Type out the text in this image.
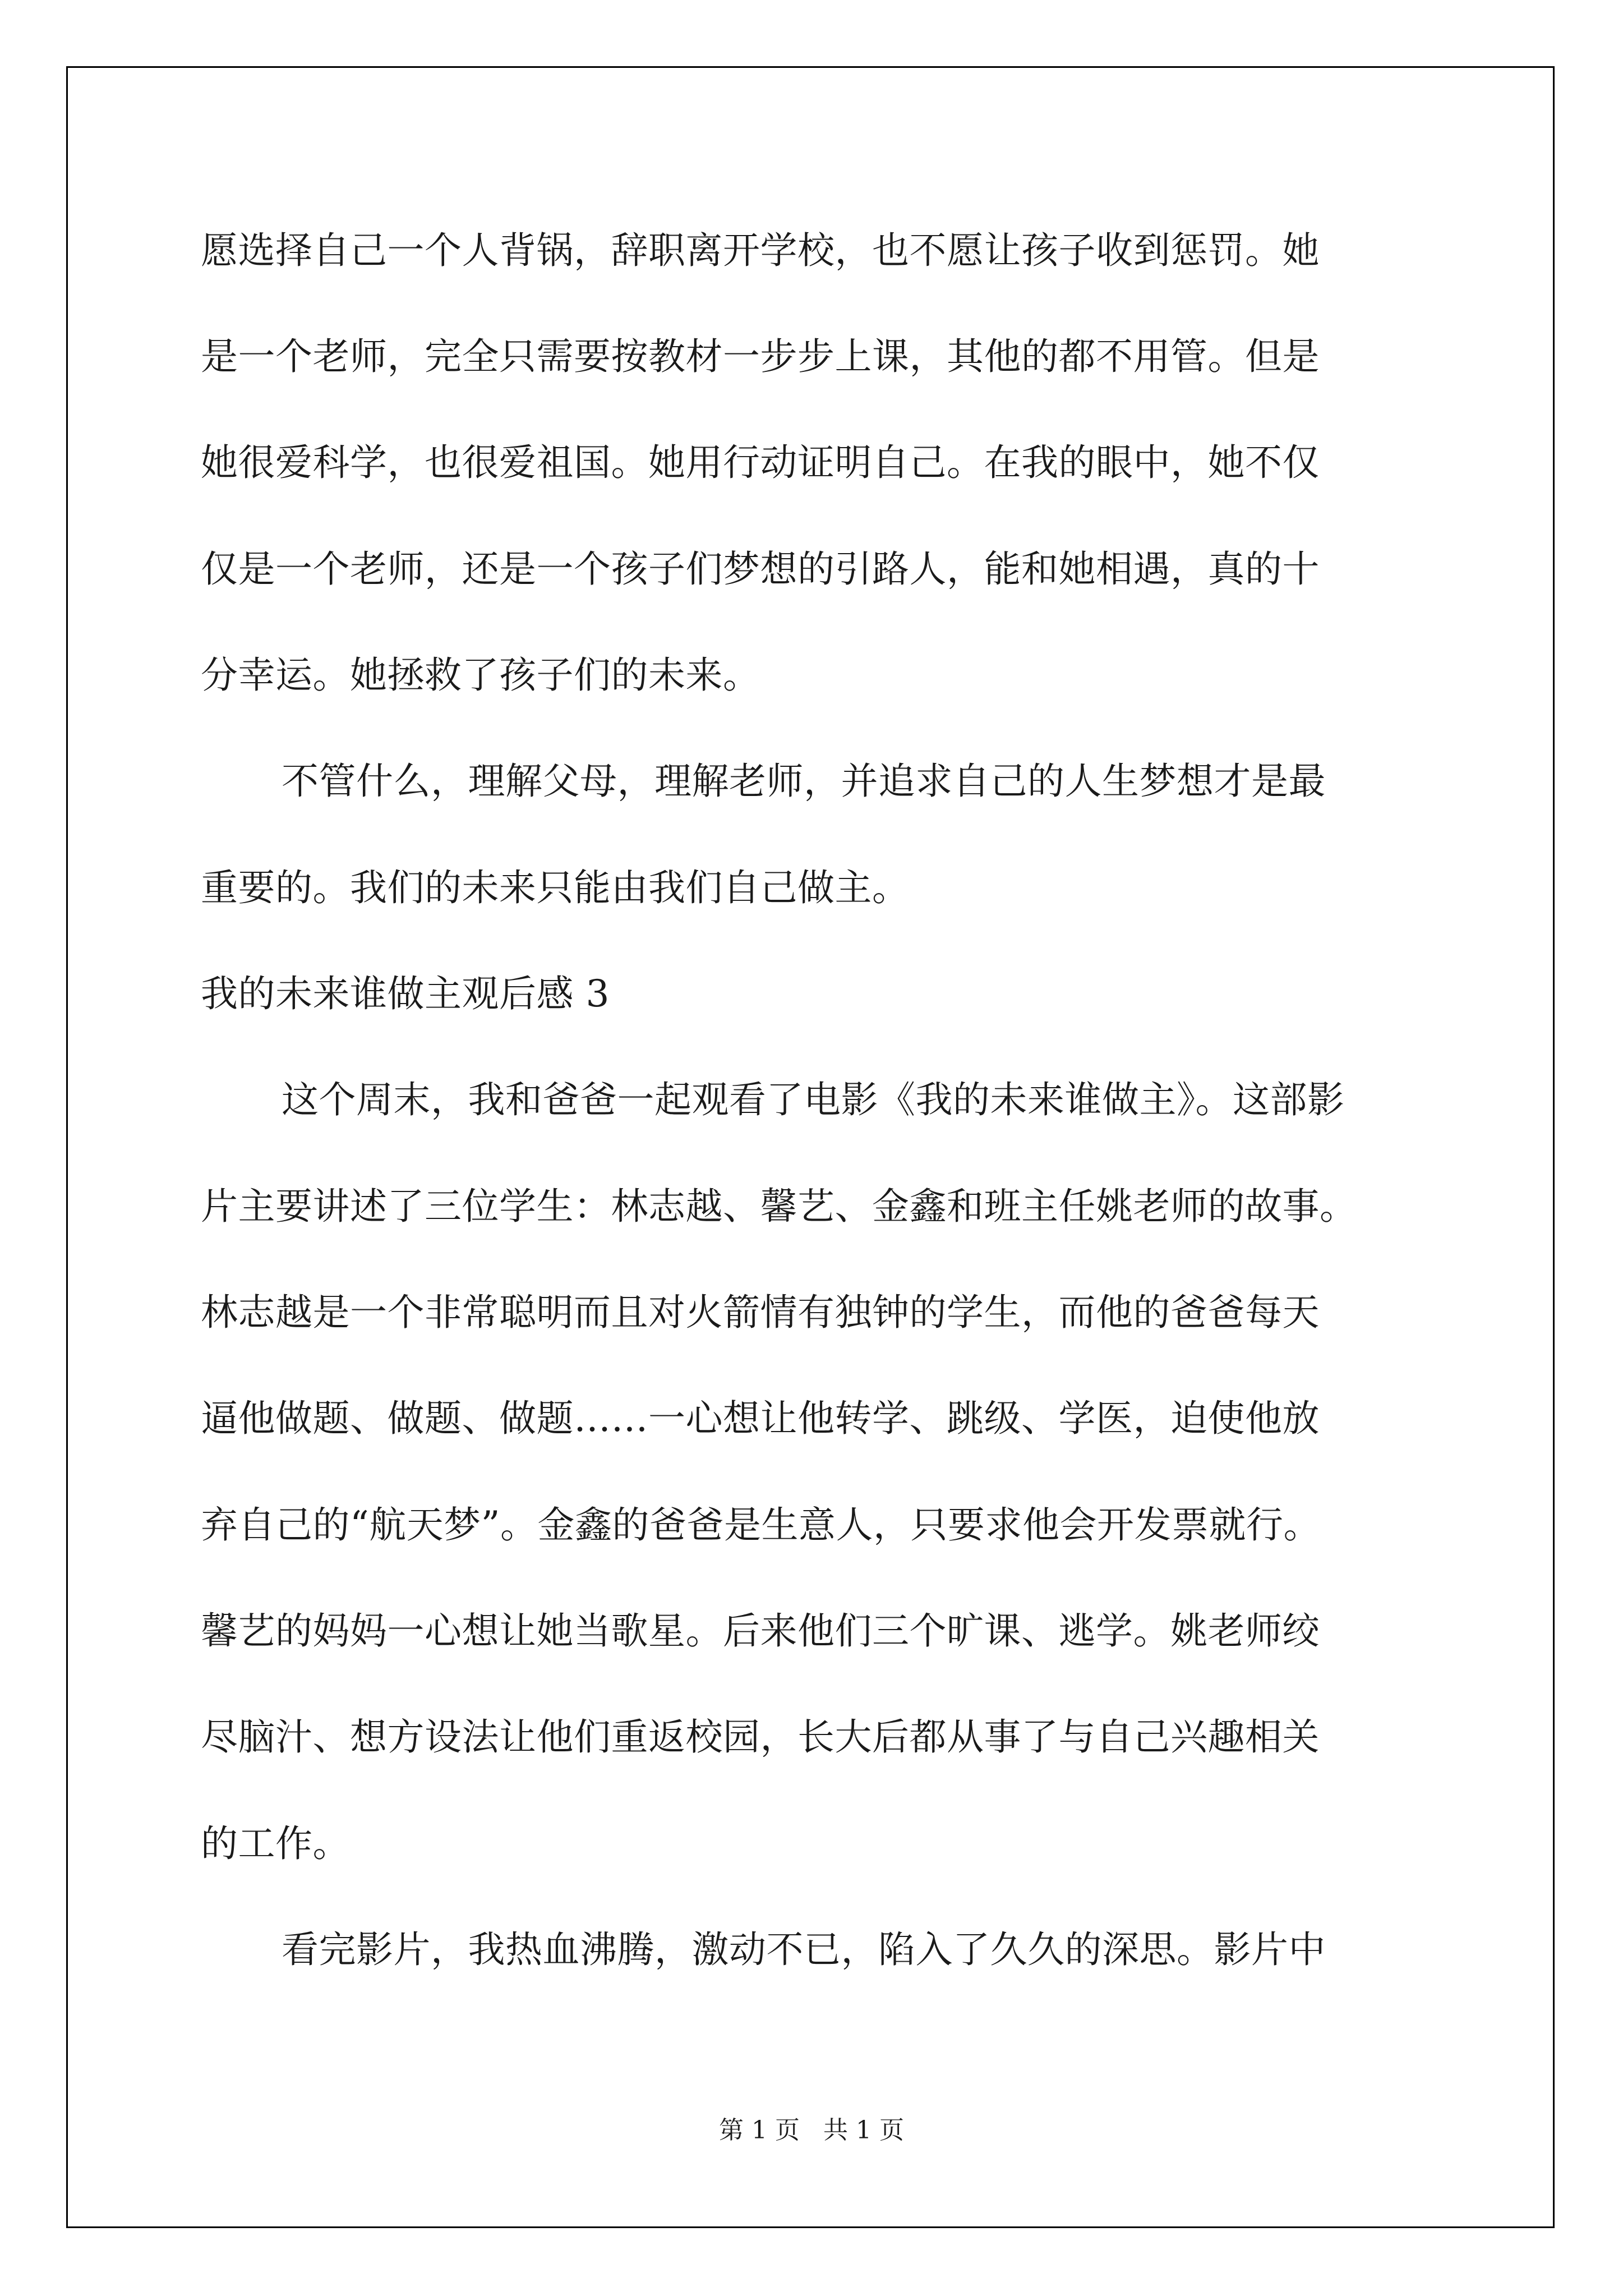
愿选择自己一个人背锅，辞职离开学校，也不愿让孩子收到惩罚。她
是一个老师，完全只需要按教材一步步上课，其他的都不用管。但是
她很爱科学，也很爱祖国。她用行动证明自己。在我的眼中，她不仅
仅是一个老师，还是一个孩子们梦想的引路人，能和她相遇，真的十
分幸运。她拯救了孩子们的未来。
不管什么，理解父母，理解老师，并追求自己的人生梦想才是最
重要的。我们的未来只能由我们自己做主。
我的未来谁做主观后感 3
这个周末，我和爸爸一起观看了电影《我的未来谁做主》。这部影
片主要讲述了三位学生：林志越、馨艺、金鑫和班主任姚老师的故事。
林志越是一个非常聪明而且对火箭情有独钟的学生，而他的爸爸每天
逼他做题、做题、做题……一心想让他转学、跳级、学医，迫使他放
弃自己的“航天梦”。金鑫的爸爸是生意人，只要求他会开发票就行。
馨艺的妈妈一心想让她当歌星。后来他们三个旷课、逃学。姚老师绞
尽脑汁、想方设法让他们重返校园，长大后都从事了与自己兴趣相关
的工作。
看完影片，我热血沸腾，激动不已，陷入了久久的深思。影片中
第 1 页   共 1 页
